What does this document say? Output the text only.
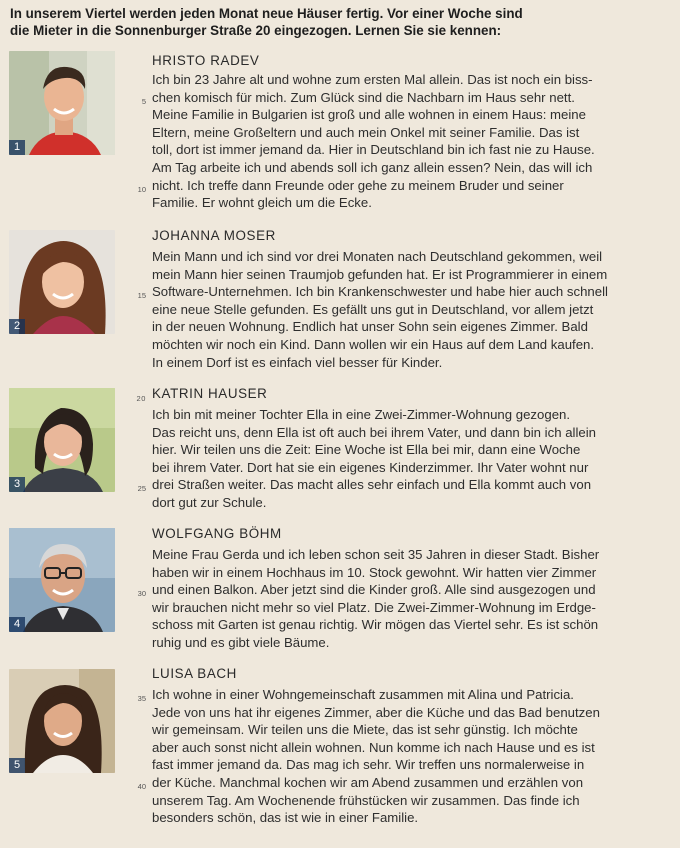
In unserem Viertel werden jeden Monat neue Häuser fertig. Vor einer Woche sind
die Mieter in die Sonnenburger Straße 20 eingezogen. Lernen Sie sie kennen:
1
HRISTO RADEV
Ich bin 23 Jahre alt und wohne zum ersten Mal allein. Das ist noch ein biss-
5 chen komisch für mich. Zum Glück sind die Nachbarn im Haus sehr nett.
Meine Familie in Bulgarien ist groß und alle wohnen in einem Haus: meine
Eltern, meine Großeltern und auch mein Onkel mit seiner Familie. Das ist
toll, dort ist immer jemand da. Hier in Deutschland bin ich fast nie zu Hause.
Am Tag arbeite ich und abends soll ich ganz allein essen? Nein, das will ich
10 nicht. Ich treffe dann Freunde oder gehe zu meinem Bruder und seiner
Familie. Er wohnt gleich um die Ecke.
2
JOHANNA MOSER
Mein Mann und ich sind vor drei Monaten nach Deutschland gekommen, weil
mein Mann hier seinen Traumjob gefunden hat. Er ist Programmierer in einem
15 Software-Unternehmen. Ich bin Krankenschwester und habe hier auch schnell
eine neue Stelle gefunden. Es gefällt uns gut in Deutschland, vor allem jetzt
in der neuen Wohnung. Endlich hat unser Sohn sein eigenes Zimmer. Bald
möchten wir noch ein Kind. Dann wollen wir ein Haus auf dem Land kaufen.
In einem Dorf ist es einfach viel besser für Kinder.
3
20 KATRIN HAUSER
Ich bin mit meiner Tochter Ella in eine Zwei-Zimmer-Wohnung gezogen.
Das reicht uns, denn Ella ist oft auch bei ihrem Vater, und dann bin ich allein
hier. Wir teilen uns die Zeit: Eine Woche ist Ella bei mir, dann eine Woche
bei ihrem Vater. Dort hat sie ein eigenes Kinderzimmer. Ihr Vater wohnt nur
25 drei Straßen weiter. Das macht alles sehr einfach und Ella kommt auch von
dort gut zur Schule.
4
WOLFGANG BÖHM
Meine Frau Gerda und ich leben schon seit 35 Jahren in dieser Stadt. Bisher
haben wir in einem Hochhaus im 10. Stock gewohnt. Wir hatten vier Zimmer
30 und einen Balkon. Aber jetzt sind die Kinder groß. Alle sind ausgezogen und
wir brauchen nicht mehr so viel Platz. Die Zwei-Zimmer-Wohnung im Erdge-
schoss mit Garten ist genau richtig. Wir mögen das Viertel sehr. Es ist schön
ruhig und es gibt viele Bäume.
5
LUISA BACH
35 Ich wohne in einer Wohngemeinschaft zusammen mit Alina und Patricia.
Jede von uns hat ihr eigenes Zimmer, aber die Küche und das Bad benutzen
wir gemeinsam. Wir teilen uns die Miete, das ist sehr günstig. Ich möchte
aber auch sonst nicht allein wohnen. Nun komme ich nach Hause und es ist
fast immer jemand da. Das mag ich sehr. Wir treffen uns normalerweise in
40 der Küche. Manchmal kochen wir am Abend zusammen und erzählen von
unserem Tag. Am Wochenende frühstücken wir zusammen. Das finde ich
besonders schön, das ist wie in einer Familie.
